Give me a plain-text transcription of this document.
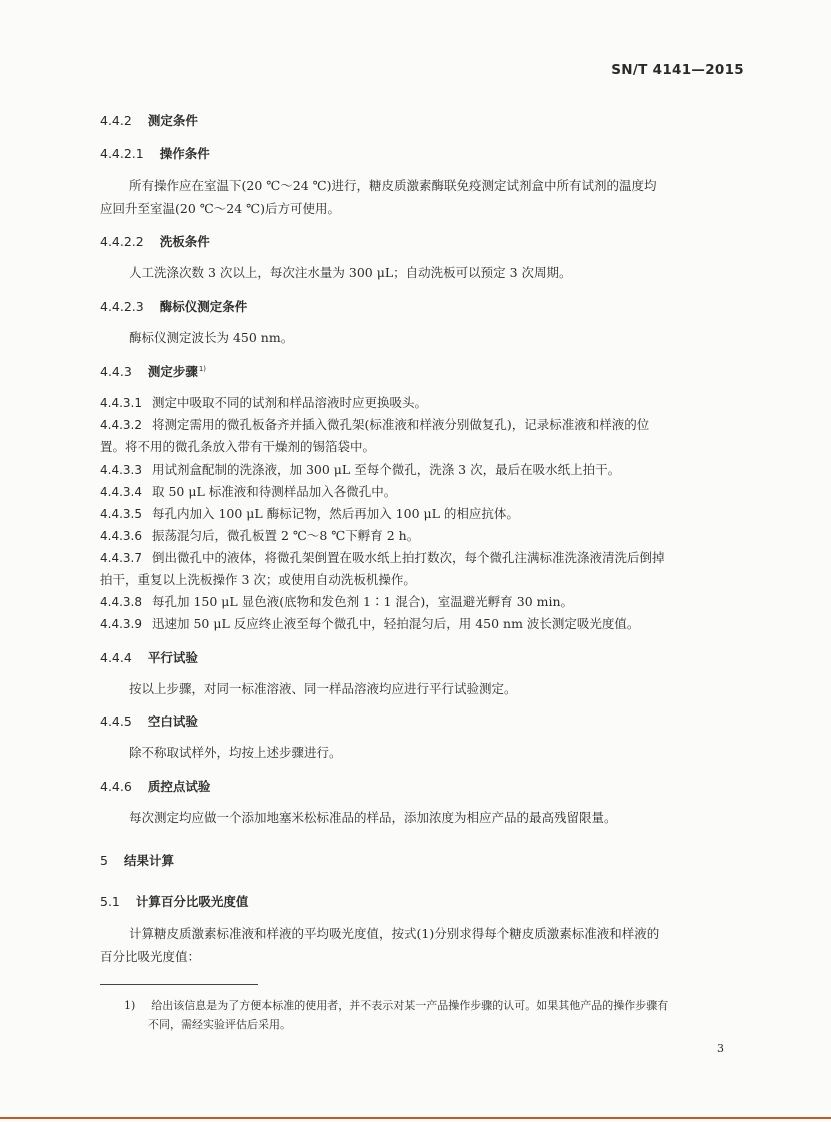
SN/T 4141—2015
4.4.2 测定条件
4.4.2.1 操作条件
所有操作应在室温下(20 ℃～24 ℃)进行，糖皮质激素酶联免疫测定试剂盒中所有试剂的温度均
应回升至室温(20 ℃～24 ℃)后方可使用。
4.4.2.2 洗板条件
人工洗涤次数 3 次以上，每次注水量为 300 μL；自动洗板可以预定 3 次周期。
4.4.2.3 酶标仪测定条件
酶标仪测定波长为 450 nm。
4.4.3 测定步骤$^{1)}$
4.4.3.1 测定中吸取不同的试剂和样品溶液时应更换吸头。
4.4.3.2 将测定需用的微孔板备齐并插入微孔架(标准液和样液分别做复孔)，记录标准液和样液的位
置。将不用的微孔条放入带有干燥剂的锡箔袋中。
4.4.3.3 用试剂盒配制的洗涤液，加 300 μL 至每个微孔，洗涤 3 次，最后在吸水纸上拍干。
4.4.3.4 取 50 μL 标准液和待测样品加入各微孔中。
4.4.3.5 每孔内加入 100 μL 酶标记物，然后再加入 100 μL 的相应抗体。
4.4.3.6 振荡混匀后，微孔板置 2 ℃～8 ℃下孵育 2 h。
4.4.3.7 倒出微孔中的液体，将微孔架倒置在吸水纸上拍打数次，每个微孔注满标准洗涤液清洗后倒掉
拍干，重复以上洗板操作 3 次；或使用自动洗板机操作。
4.4.3.8 每孔加 150 μL 显色液(底物和发色剂 1∶1 混合)，室温避光孵育 30 min。
4.4.3.9 迅速加 50 μL 反应终止液至每个微孔中，轻拍混匀后，用 450 nm 波长测定吸光度值。
4.4.4 平行试验
按以上步骤，对同一标准溶液、同一样品溶液均应进行平行试验测定。
4.4.5 空白试验
除不称取试样外，均按上述步骤进行。
4.4.6 质控点试验
每次测定均应做一个添加地塞米松标准品的样品，添加浓度为相应产品的最高残留限量。
5 结果计算
5.1 计算百分比吸光度值
计算糖皮质激素标准液和样液的平均吸光度值，按式(1)分别求得每个糖皮质激素标准液和样液的
百分比吸光度值：
1) 给出该信息是为了方便本标准的使用者，并不表示对某一产品操作步骤的认可。如果其他产品的操作步骤有
不同，需经实验评估后采用。
3
